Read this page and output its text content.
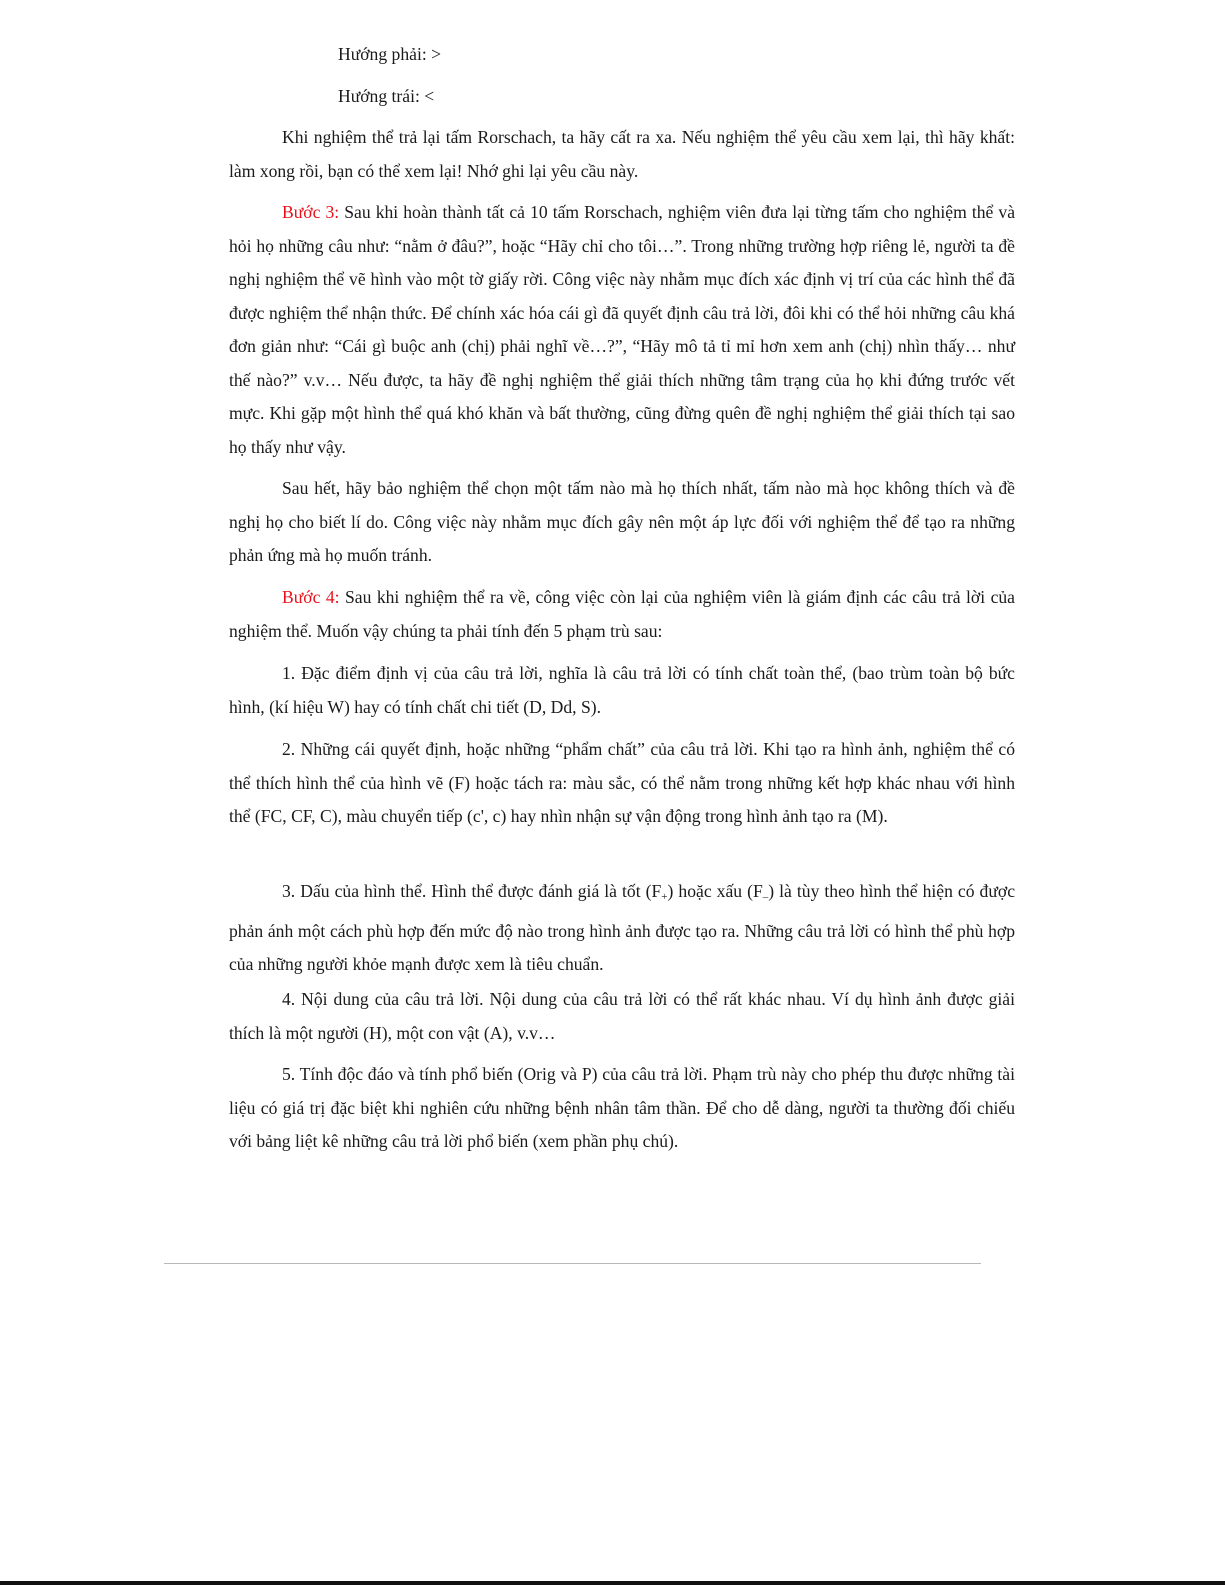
Hướng phải: >

Hướng trái: <

Khi nghiệm thể trả lại tấm Rorschach, ta hãy cất ra xa. Nếu nghiệm thể yêu cầu xem lại, thì hãy khất: làm xong rồi, bạn có thể xem lại! Nhớ ghi lại yêu cầu này.

Bước 3: Sau khi hoàn thành tất cả 10 tấm Rorschach, nghiệm viên đưa lại từng tấm cho nghiệm thể và hỏi họ những câu như: “nằm ở đâu?”, hoặc “Hãy chỉ cho tôi…”. Trong những trường hợp riêng lẻ, người ta đề nghị nghiệm thể vẽ hình vào một tờ giấy rời. Công việc này nhằm mục đích xác định vị trí của các hình thể đã được nghiệm thể nhận thức. Để chính xác hóa cái gì đã quyết định câu trả lời, đôi khi có thể hỏi những câu khá đơn giản như: “Cái gì buộc anh (chị) phải nghĩ về…?”, “Hãy mô tả tỉ mỉ hơn xem anh (chị) nhìn thấy… như thế nào?” v.v… Nếu được, ta hãy đề nghị nghiệm thể giải thích những tâm trạng của họ khi đứng trước vết mực. Khi gặp một hình thể quá khó khăn và bất thường, cũng đừng quên đề nghị nghiệm thể giải thích tại sao họ thấy như vậy.

Sau hết, hãy bảo nghiệm thể chọn một tấm nào mà họ thích nhất, tấm nào mà học không thích và đề nghị họ cho biết lí do. Công việc này nhằm mục đích gây nên một áp lực đối với nghiệm thể để tạo ra những phản ứng mà họ muốn tránh.

Bước 4: Sau khi nghiệm thể ra về, công việc còn lại của nghiệm viên là giám định các câu trả lời của nghiệm thể. Muốn vậy chúng ta phải tính đến 5 phạm trù sau:

1. Đặc điểm định vị của câu trả lời, nghĩa là câu trả lời có tính chất toàn thể, (bao trùm toàn bộ bức hình, (kí hiệu W) hay có tính chất chi tiết (D, Dd, S).

2. Những cái quyết định, hoặc những “phẩm chất” của câu trả lời. Khi tạo ra hình ảnh, nghiệm thể có thể thích hình thể của hình vẽ (F) hoặc tách ra: màu sắc, có thể nằm trong những kết hợp khác nhau với hình thể (FC, CF, C), màu chuyển tiếp (c', c) hay nhìn nhận sự vận động trong hình ảnh tạo ra (M).

3. Dấu của hình thể. Hình thể được đánh giá là tốt $(F_+)$ hoặc xấu $(F_-)$ là tùy theo hình thể hiện có được phản ánh một cách phù hợp đến mức độ nào trong hình ảnh được tạo ra. Những câu trả lời có hình thể phù hợp của những người khỏe mạnh được xem là tiêu chuẩn.

4. Nội dung của câu trả lời. Nội dung của câu trả lời có thể rất khác nhau. Ví dụ hình ảnh được giải thích là một người (H), một con vật (A), v.v…

5. Tính độc đáo và tính phổ biến (Orig và P) của câu trả lời. Phạm trù này cho phép thu được những tài liệu có giá trị đặc biệt khi nghiên cứu những bệnh nhân tâm thần. Để cho dễ dàng, người ta thường đối chiếu với bảng liệt kê những câu trả lời phổ biến (xem phần phụ chú).
